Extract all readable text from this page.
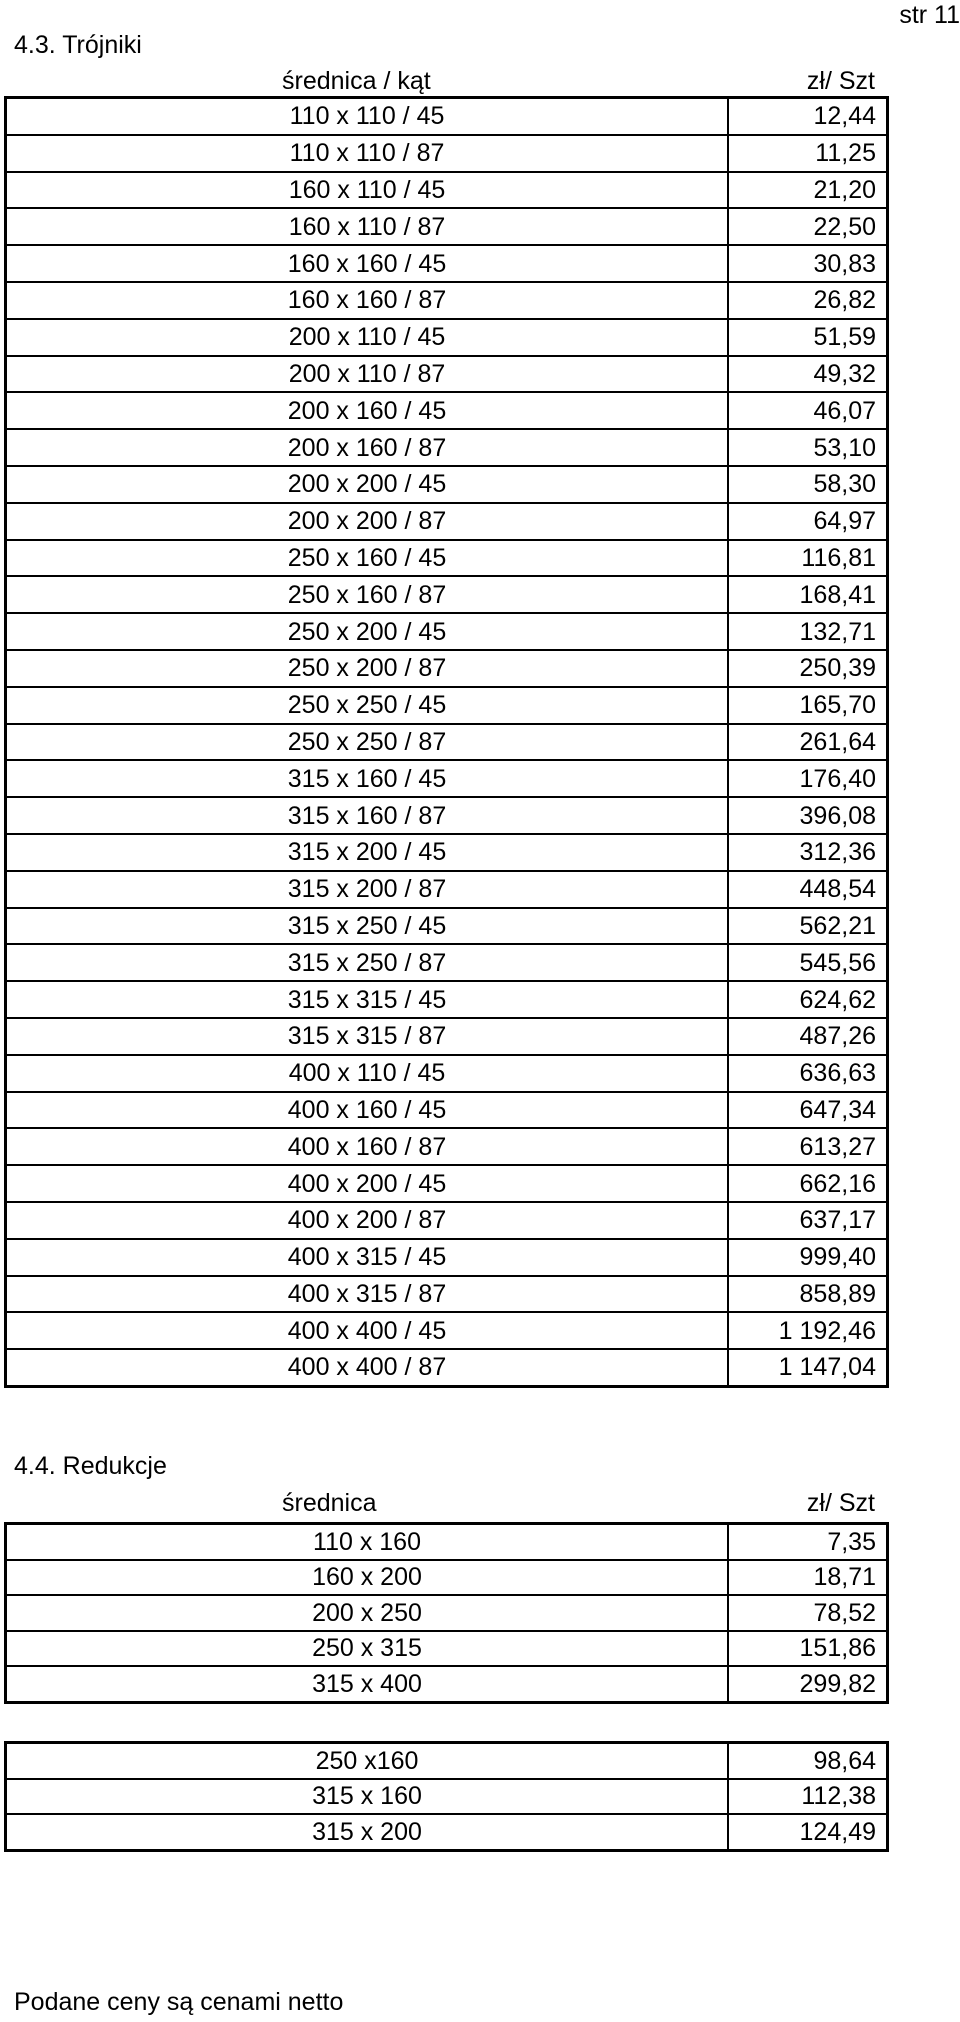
str 11
4.3. Trójniki
średnica / kąt	zł/ Szt
110 x 110 / 45	12,44
110 x 110 / 87	11,25
160 x 110 / 45	21,20
160 x 110 / 87	22,50
160 x 160 / 45	30,83
160 x 160 / 87	26,82
200 x 110 / 45	51,59
200 x 110 / 87	49,32
200 x 160 / 45	46,07
200 x 160 / 87	53,10
200 x 200 / 45	58,30
200 x 200 / 87	64,97
250 x 160 / 45	116,81
250 x 160 / 87	168,41
250 x 200 / 45	132,71
250 x 200 / 87	250,39
250 x 250 / 45	165,70
250 x 250 / 87	261,64
315 x 160 / 45	176,40
315 x 160 / 87	396,08
315 x 200 / 45	312,36
315 x 200 / 87	448,54
315 x 250 / 45	562,21
315 x 250 / 87	545,56
315 x 315 / 45	624,62
315 x 315 / 87	487,26
400 x 110 / 45	636,63
400 x 160 / 45	647,34
400 x 160 / 87	613,27
400 x 200 / 45	662,16
400 x 200 / 87	637,17
400 x 315 / 45	999,40
400 x 315 / 87	858,89
400 x 400 / 45	1 192,46
400 x 400 / 87	1 147,04
4.4. Redukcje
średnica	zł/ Szt
110 x 160	7,35
160 x 200	18,71
200 x 250	78,52
250 x 315	151,86
315 x 400	299,82
250 x160	98,64
315 x 160	112,38
315 x 200	124,49
Podane ceny są cenami netto
